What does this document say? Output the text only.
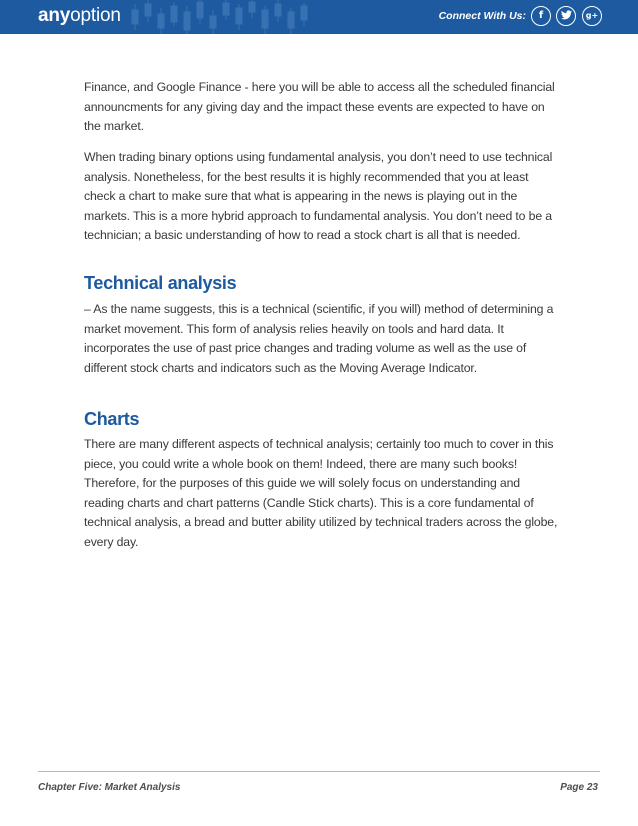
anyoption	Connect With Us:	f	g+

Finance, and Google Finance - here you will be able to access all the scheduled financial announcments for any giving day and the impact these events are expected to have on the market.

When trading binary options using fundamental analysis, you don’t need to use technical analysis. Nonetheless, for the best results it is highly recommended that you at least check a chart to make sure that what is appearing in the news is playing out in the markets. This is a more hybrid approach to fundamental analysis. You don’t need to be a technician; a basic understanding of how to read a stock chart is all that is needed.

Technical analysis

– As the name suggests, this is a technical (scientific, if you will) method of determining a market movement. This form of analysis relies heavily on tools and hard data. It incorporates the use of past price changes and trading volume as well as the use of different stock charts and indicators such as the Moving Average Indicator.

Charts

There are many different aspects of technical analysis; certainly too much to cover in this piece, you could write a whole book on them! Indeed, there are many such books! Therefore, for the purposes of this guide we will solely focus on understanding and reading charts and chart patterns (Candle Stick charts). This is a core fundamental of technical analysis, a bread and butter ability utilized by technical traders across the globe, every day.

Chapter Five: Market Analysis	Page 23
